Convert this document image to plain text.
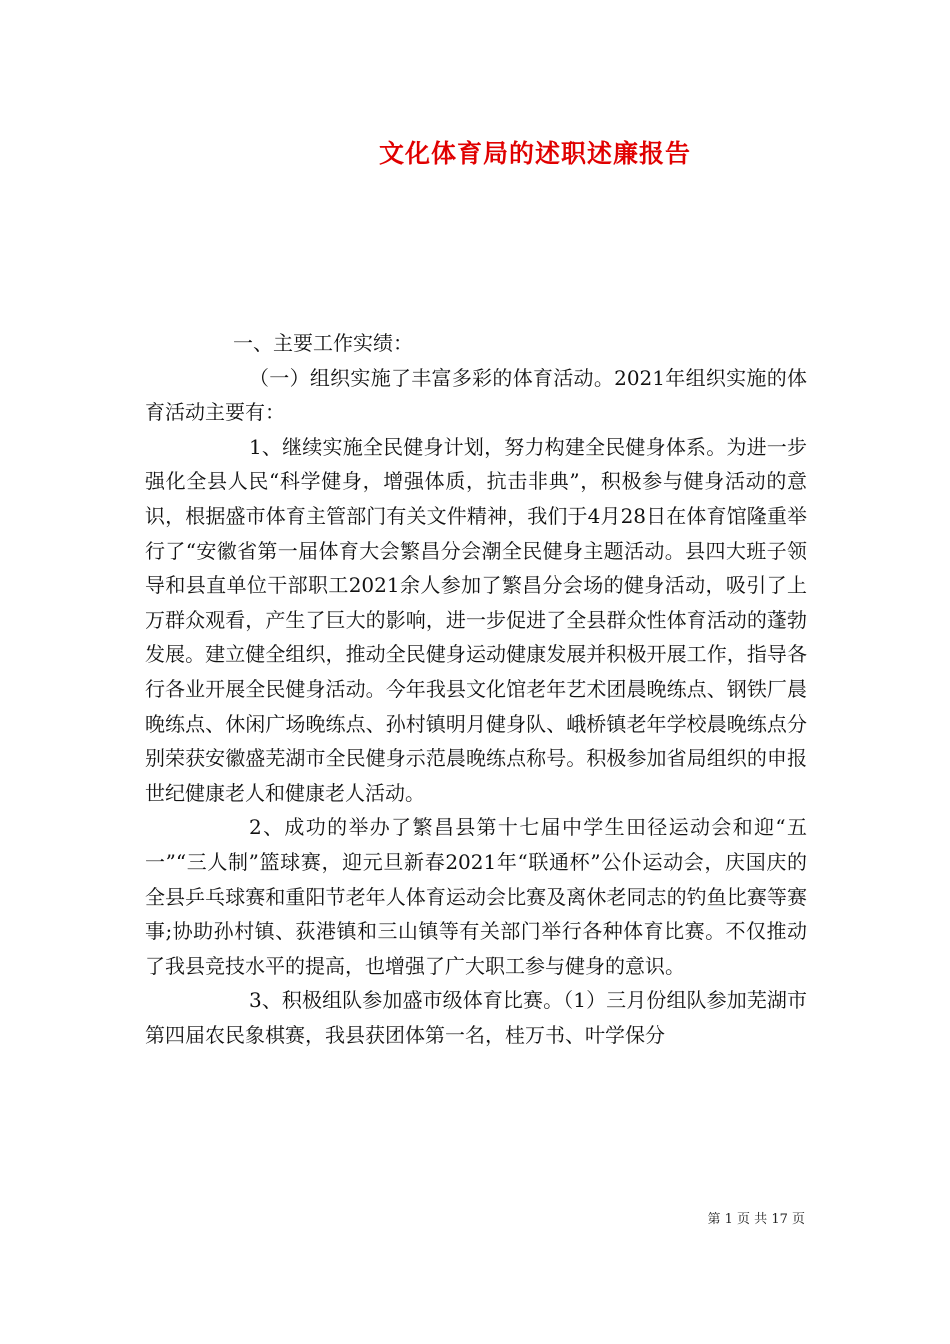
文化体育局的述职述廉报告

一、主要工作实绩：

（一）组织实施了丰富多彩的体育活动。2021年组织实施的体育活动主要有：

1、继续实施全民健身计划，努力构建全民健身体系。为进一步强化全县人民“科学健身，增强体质，抗击非典”，积极参与健身活动的意识，根据盛市体育主管部门有关文件精神，我们于4月28日在体育馆隆重举行了“安徽省第一届体育大会繁昌分会潮全民健身主题活动。县四大班子领导和县直单位干部职工2021余人参加了繁昌分会场的健身活动，吸引了上万群众观看，产生了巨大的影响，进一步促进了全县群众性体育活动的蓬勃发展。建立健全组织，推动全民健身运动健康发展并积极开展工作，指导各行各业开展全民健身活动。今年我县文化馆老年艺术团晨晚练点、钢铁厂晨晚练点、休闲广场晚练点、孙村镇明月健身队、峨桥镇老年学校晨晚练点分别荣获安徽盛芜湖市全民健身示范晨晚练点称号。积极参加省局组织的申报世纪健康老人和健康老人活动。

2、成功的举办了繁昌县第十七届中学生田径运动会和迎“五一”“三人制”篮球赛，迎元旦新春2021年“联通杯”公仆运动会，庆国庆的全县乒乓球赛和重阳节老年人体育运动会比赛及离休老同志的钓鱼比赛等赛事;协助孙村镇、荻港镇和三山镇等有关部门举行各种体育比赛。不仅推动了我县竞技水平的提高，也增强了广大职工参与健身的意识。

3、积极组队参加盛市级体育比赛。（1）三月份组队参加芜湖市第四届农民象棋赛，我县获团体第一名，桂万书、叶学保分

第 1 页 共 17 页
